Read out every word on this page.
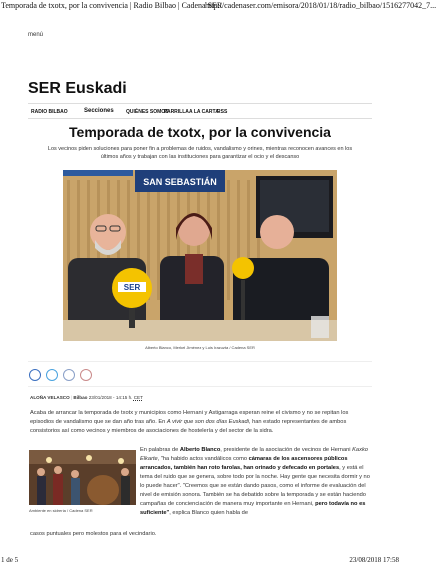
Temporada de txotx, por la convivencia | Radio Bilbao | Cadena SER
http://cadenaser.com/emisora/2018/01/18/radio_bilbao/1516277042_7...
menú
SER Euskadi
RADIO BILBAO	Secciones QUIÉNES SOMOS
PARRILLA A LA CARTA
RSS
Temporada de txotx, por la convivencia
Los vecinos piden soluciones para poner fin a problemas de ruidos, vandalismo y orines, mientras reconocen avances en los últimos años y trabajan con las instituciones para garantizar el ocio y el descanso
SAN SEBASTIÁN
SER
Alberto Blanco, Merkel Jiménez y Luis Irazuzta / Cadena SER
ALOÑA VELASCO | Bilbao 23/01/2018 - 14:15 h. CET
Acaba de arrancar la temporada de txotx y municipios como Hernani y Astigarraga esperan reine el civismo y no se repitan los episodios de vandalismo que se dan año tras año. En A vivir que son dos días Euskadi, han estado representantes de ambos consistorios así como vecinos y miembros de asociaciones de hostelería y del sector de la sidra.
Ambiente en sidrería / Cadena SER
En palabras de Alberto Blanco, presidente de la asociación de vecinos de Hernani Kaxko Elkarte, "ha habido actos vandálicos como cámaras de los ascensores públicos arrancados, también han roto farolas, han orinado y defecado en portales, y está el tema del ruido que se genera, sobre todo por la noche. Hay gente que necesita dormir y no lo puede hacer". "Creemos que se están dando pasos, como el informe de evaluación del nivel de emisión sonora. También se ha debatido sobre la temporada y se están haciendo campañas de concienciación de manera muy importante en Hernani, pero todavía no es suficiente", explica Blanco quien habla de
casos puntuales pero molestos para el vecindario.
1 de 5	23/08/2018 17:58
